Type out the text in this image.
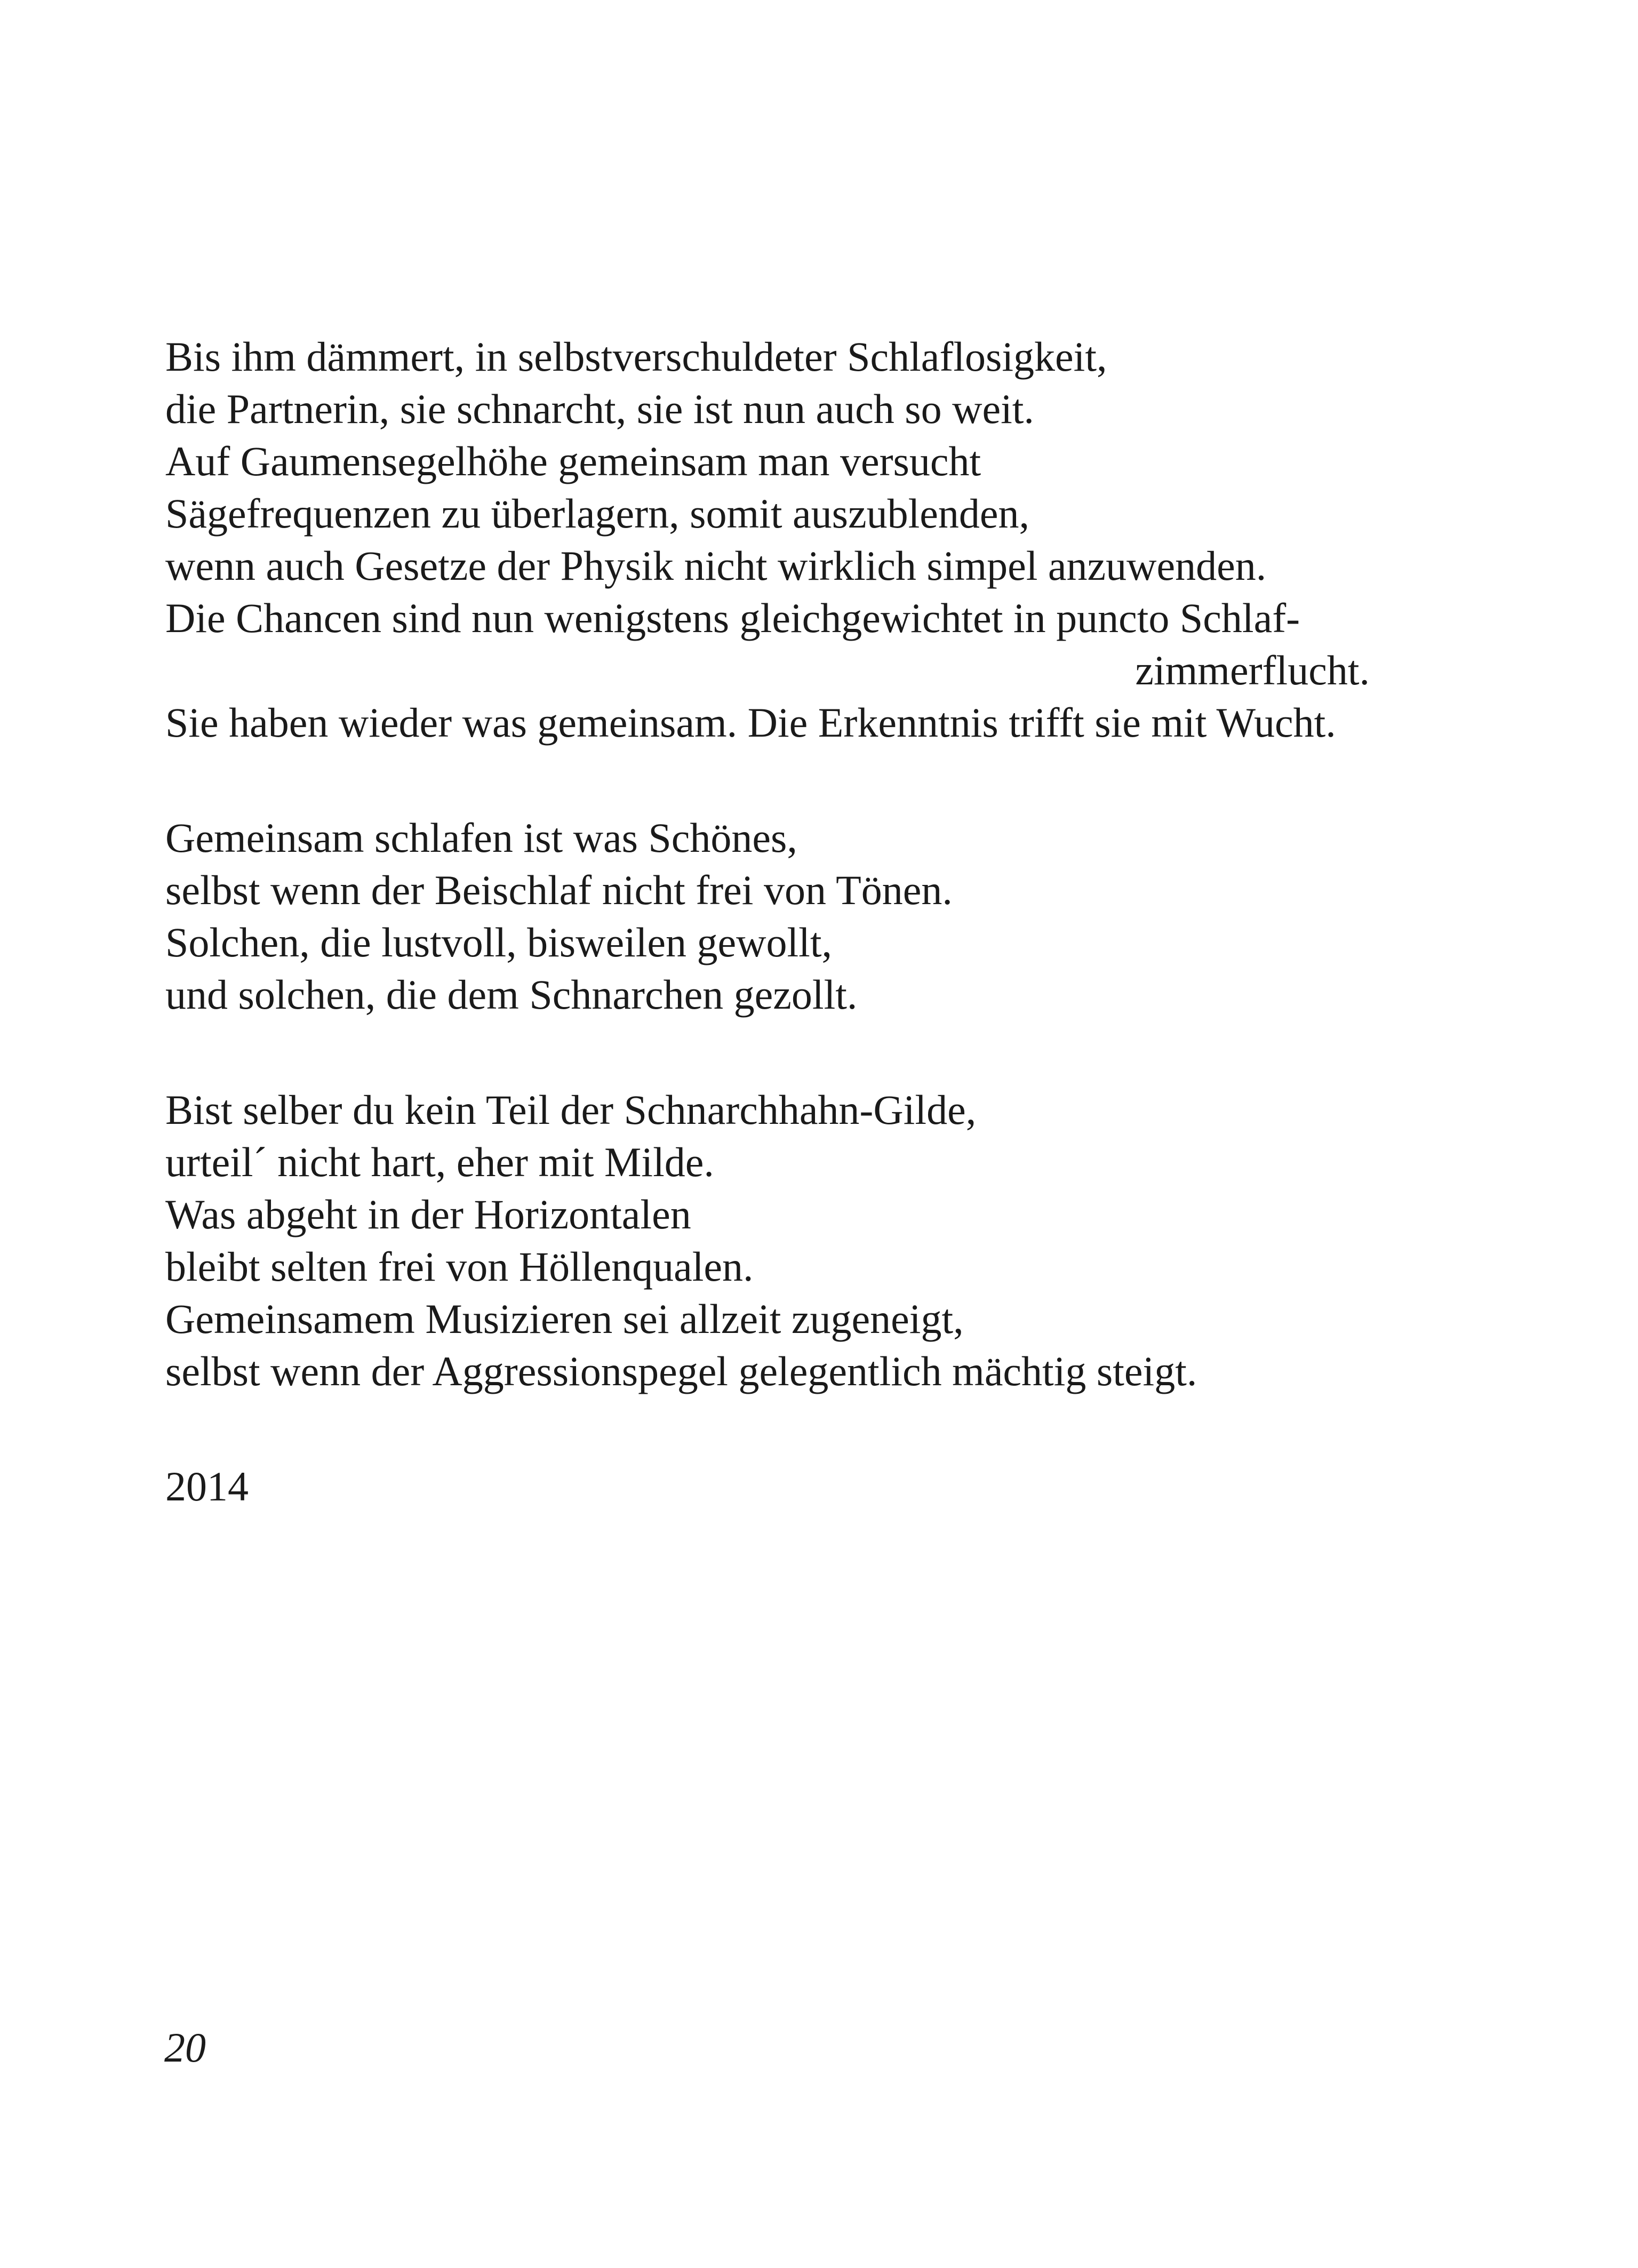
Bis ihm dämmert, in selbstverschuldeter Schlaflosigkeit,
die Partnerin, sie schnarcht, sie ist nun auch so weit.
Auf Gaumensegelhöhe gemeinsam man versucht
Sägefrequenzen zu überlagern, somit auszublenden,
wenn auch Gesetze der Physik nicht wirklich simpel anzuwenden.
Die Chancen sind nun wenigstens gleichgewichtet in puncto Schlaf-
zimmerflucht.
Sie haben wieder was gemeinsam. Die Erkenntnis trifft sie mit Wucht.
Gemeinsam schlafen ist was Schönes,
selbst wenn der Beischlaf nicht frei von Tönen.
Solchen, die lustvoll, bisweilen gewollt,
und solchen, die dem Schnarchen gezollt.
Bist selber du kein Teil der Schnarchhahn-Gilde,
urteil´ nicht hart, eher mit Milde.
Was abgeht in der Horizontalen
bleibt selten frei von Höllenqualen.
Gemeinsamem Musizieren sei allzeit zugeneigt,
selbst wenn der Aggressionspegel gelegentlich mächtig steigt.
2014
20
